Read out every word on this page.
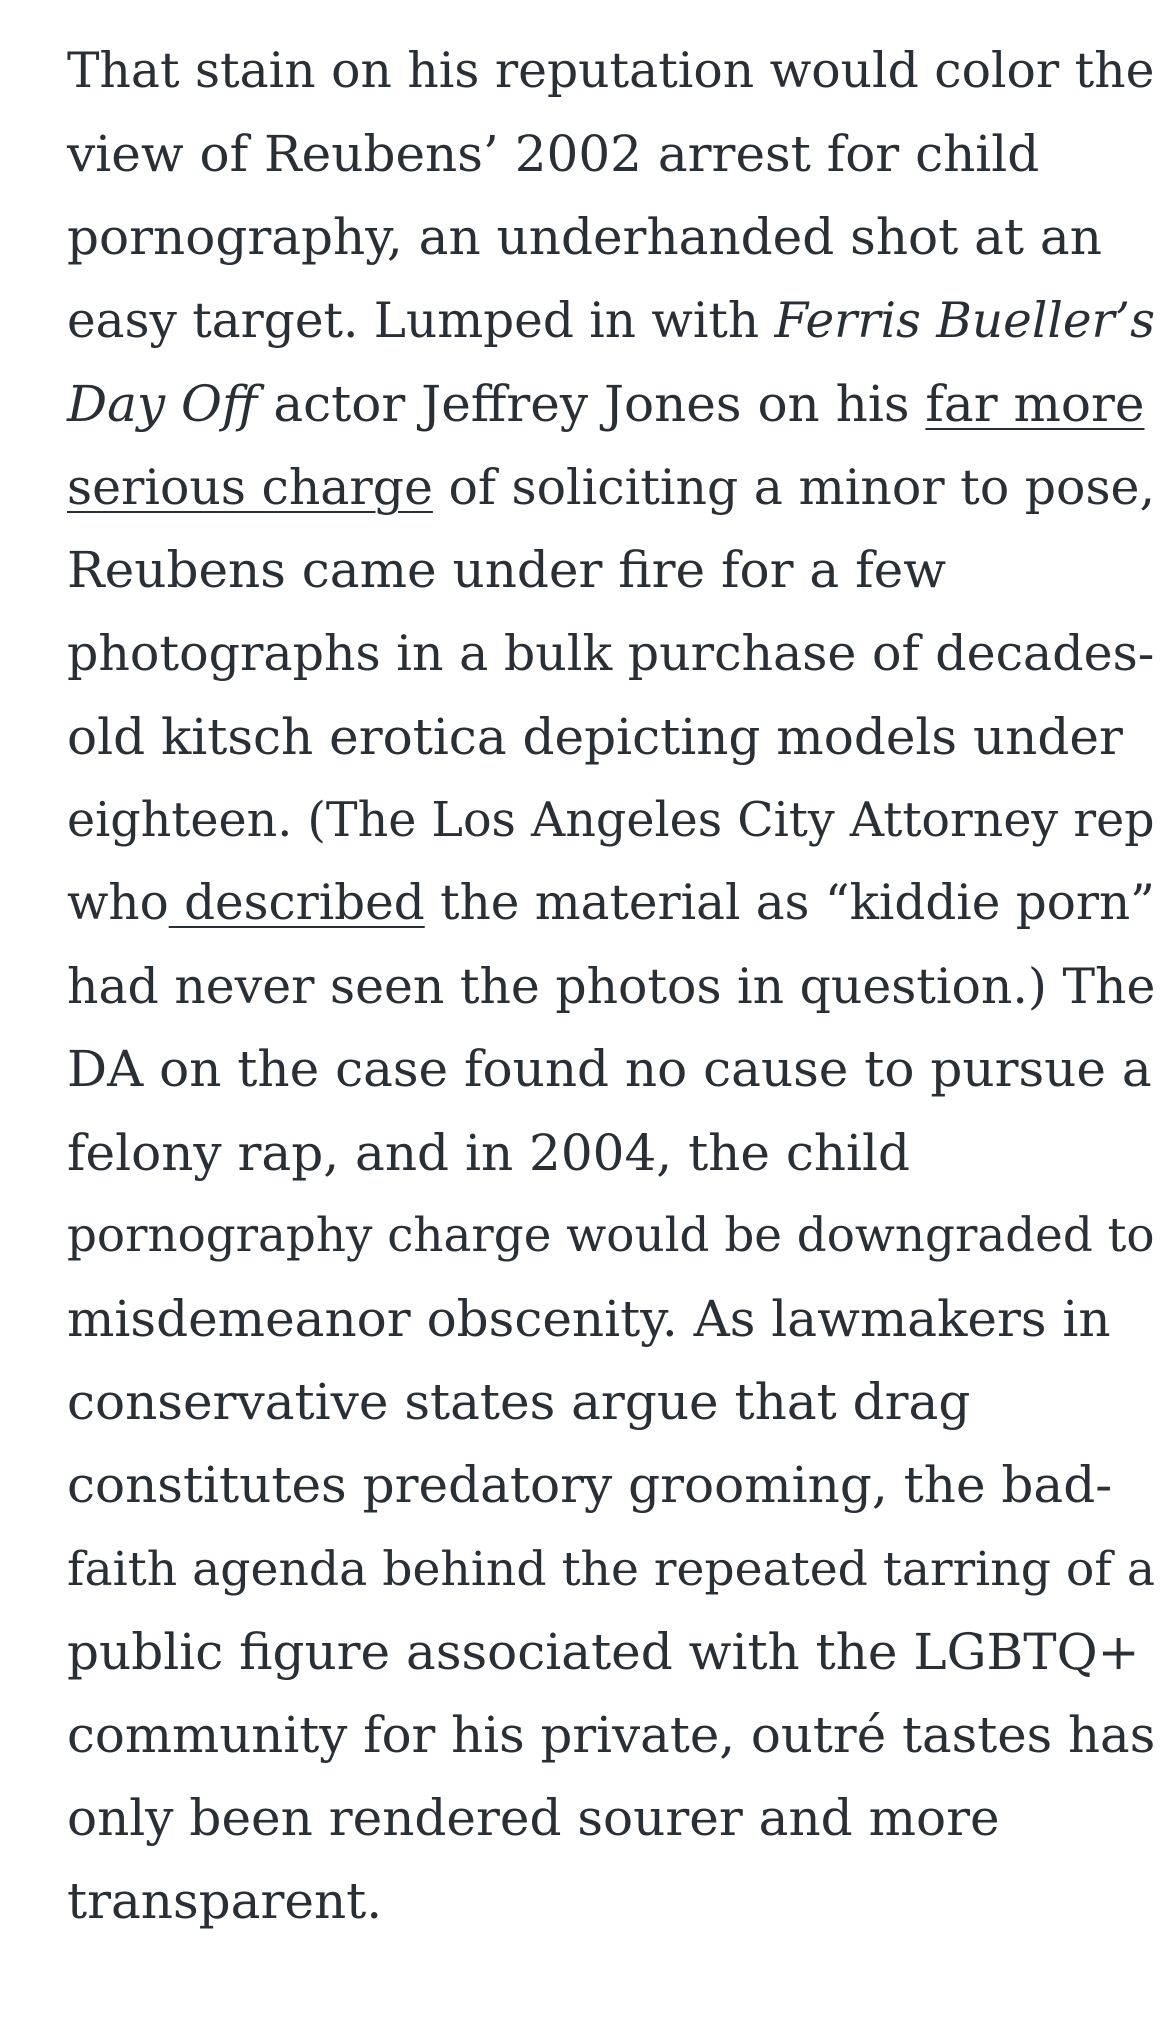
That stain on his reputation would color the
view of Reubens’ 2002 arrest for child
pornography, an underhanded shot at an
easy target. Lumped in with Ferris Bueller’s
Day Off actor Jeffrey Jones on his far more
serious charge of soliciting a minor to pose,
Reubens came under fire for a few
photographs in a bulk purchase of decades-
old kitsch erotica depicting models under
eighteen. (The Los Angeles City Attorney rep
who described the material as “kiddie porn”
had never seen the photos in question.) The
DA on the case found no cause to pursue a
felony rap, and in 2004, the child
pornography charge would be downgraded to
misdemeanor obscenity. As lawmakers in
conservative states argue that drag
constitutes predatory grooming, the bad-
faith agenda behind the repeated tarring of a
public figure associated with the LGBTQ+
community for his private, outré tastes has
only been rendered sourer and more
transparent.
